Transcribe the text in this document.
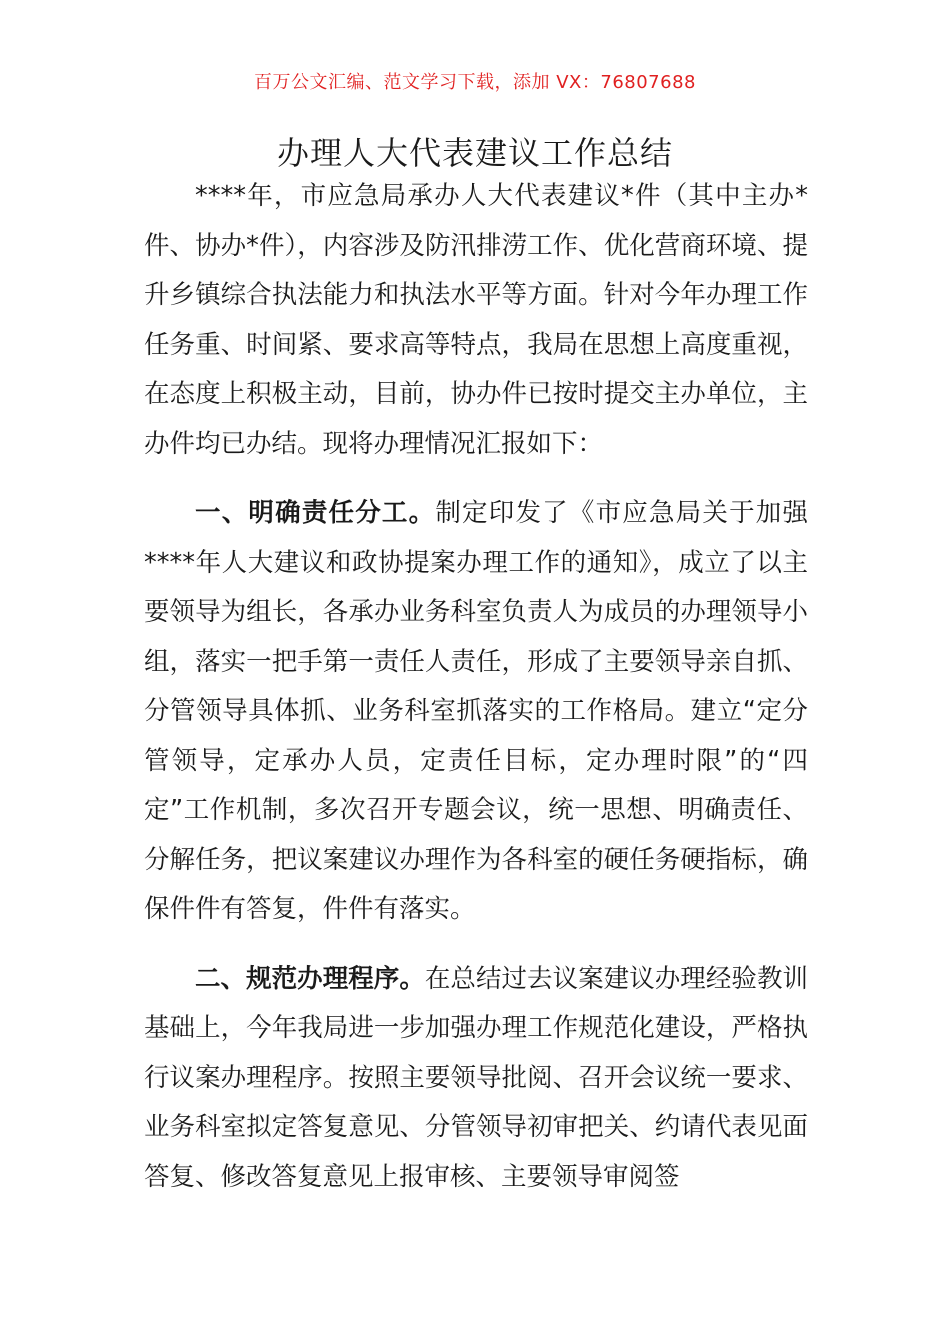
百万公文汇编、范文学习下载，添加 VX：76807688
办理人大代表建议工作总结

****年，市应急局承办人大代表建议*件（其中主办*件、协办*件），内容涉及防汛排涝工作、优化营商环境、提升乡镇综合执法能力和执法水平等方面。针对今年办理工作任务重、时间紧、要求高等特点，我局在思想上高度重视，在态度上积极主动，目前，协办件已按时提交主办单位，主办件均已办结。现将办理情况汇报如下：

一、明确责任分工。制定印发了《市应急局关于加强****年人大建议和政协提案办理工作的通知》，成立了以主要领导为组长，各承办业务科室负责人为成员的办理领导小组，落实一把手第一责任人责任，形成了主要领导亲自抓、分管领导具体抓、业务科室抓落实的工作格局。建立“定分管领导，定承办人员，定责任目标，定办理时限”的“四定”工作机制，多次召开专题会议，统一思想、明确责任、分解任务，把议案建议办理作为各科室的硬任务硬指标，确保件件有答复，件件有落实。

二、规范办理程序。在总结过去议案建议办理经验教训基础上，今年我局进一步加强办理工作规范化建设，严格执行议案办理程序。按照主要领导批阅、召开会议统一要求、业务科室拟定答复意见、分管领导初审把关、约请代表见面答复、修改答复意见上报审核、主要领导审阅签
